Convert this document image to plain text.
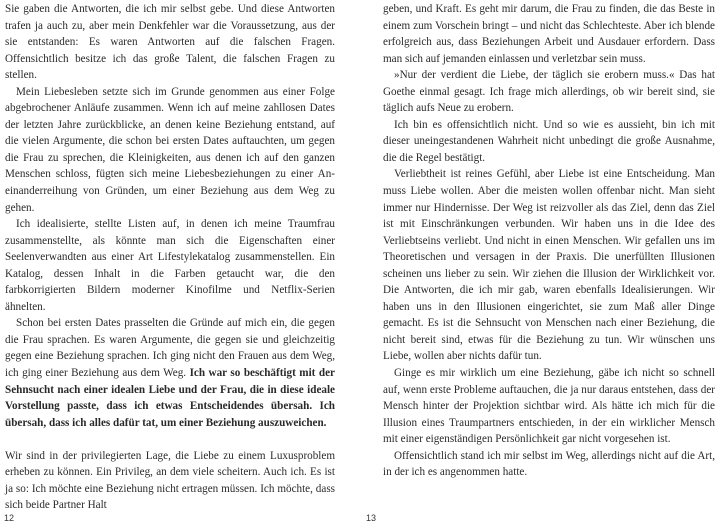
Sie gaben die Antworten, die ich mir selbst gebe. Und diese Antworten trafen ja auch zu, aber mein Denkfehler war die Voraussetzung, aus der sie entstanden: Es waren Antworten auf die falschen Fragen. Offensichtlich besitze ich das große Talent, die falschen Fragen zu stellen.

Mein Liebesleben setzte sich im Grunde genommen aus einer Folge abgebrochener Anläufe zusammen. Wenn ich auf meine zahllosen Dates der letzten Jahre zurückblicke, an denen keine Beziehung entstand, auf die vielen Argumente, die schon bei ersten Dates auftauchten, um gegen die Frau zu sprechen, die Kleinigkeiten, aus denen ich auf den ganzen Menschen schloss, fügten sich meine Liebesbeziehungen zu einer Aneinanderreihung von Gründen, um einer Beziehung aus dem Weg zu gehen.

Ich idealisierte, stellte Listen auf, in denen ich meine Traumfrau zusammenstellte, als könnte man sich die Eigenschaften einer Seelenverwandten aus einer Art Lifestylekatalog zusammenstellen. Ein Katalog, dessen Inhalt in die Farben getaucht war, die den farbkorrigierten Bildern moderner Kinofilme und Netflix-Serien ähnelten.

Schon bei ersten Dates prasselten die Gründe auf mich ein, die gegen die Frau sprachen. Es waren Argumente, die gegen sie und gleichzeitig gegen eine Beziehung sprachen. Ich ging nicht den Frauen aus dem Weg, ich ging einer Beziehung aus dem Weg. Ich war so beschäftigt mit der Sehnsucht nach einer idealen Liebe und der Frau, die in diese ideale Vorstellung passte, dass ich etwas Entscheidendes übersah. Ich übersah, dass ich alles dafür tat, um einer Beziehung auszuweichen.

Wir sind in der privilegierten Lage, die Liebe zu einem Luxusproblem erheben zu können. Ein Privileg, an dem viele scheitern. Auch ich. Es ist ja so: Ich möchte eine Beziehung nicht ertragen müssen. Ich möchte, dass sich beide Partner Halt

12

geben, und Kraft. Es geht mir darum, die Frau zu finden, die das Beste in einem zum Vorschein bringt – und nicht das Schlechteste. Aber ich blende erfolgreich aus, dass Beziehungen Arbeit und Ausdauer erfordern. Dass man sich auf jemanden einlassen und verletzbar sein muss.

»Nur der verdient die Liebe, der täglich sie erobern muss.« Das hat Goethe einmal gesagt. Ich frage mich allerdings, ob wir bereit sind, sie täglich aufs Neue zu erobern.

Ich bin es offensichtlich nicht. Und so wie es aussieht, bin ich mit dieser uneingestandenen Wahrheit nicht unbedingt die große Ausnahme, die die Regel bestätigt.

Verliebtheit ist reines Gefühl, aber Liebe ist eine Entscheidung. Man muss Liebe wollen. Aber die meisten wollen offenbar nicht. Man sieht immer nur Hindernisse. Der Weg ist reizvoller als das Ziel, denn das Ziel ist mit Einschränkungen verbunden. Wir haben uns in die Idee des Verliebtseins verliebt. Und nicht in einen Menschen. Wir gefallen uns im Theoretischen und versagen in der Praxis. Die unerfüllten Illusionen scheinen uns lieber zu sein. Wir ziehen die Illusion der Wirklichkeit vor. Die Antworten, die ich mir gab, waren ebenfalls Idealisierungen. Wir haben uns in den Illusionen eingerichtet, sie zum Maß aller Dinge gemacht. Es ist die Sehnsucht von Menschen nach einer Beziehung, die nicht bereit sind, etwas für die Beziehung zu tun. Wir wünschen uns Liebe, wollen aber nichts dafür tun.

Ginge es mir wirklich um eine Beziehung, gäbe ich nicht so schnell auf, wenn erste Probleme auftauchen, die ja nur daraus entstehen, dass der Mensch hinter der Projektion sichtbar wird. Als hätte ich mich für die Illusion eines Traumpartners entschieden, in der ein wirklicher Mensch mit einer eigenständigen Persönlichkeit gar nicht vorgesehen ist.

Offensichtlich stand ich mir selbst im Weg, allerdings nicht auf die Art, in der ich es angenommen hatte.

13
